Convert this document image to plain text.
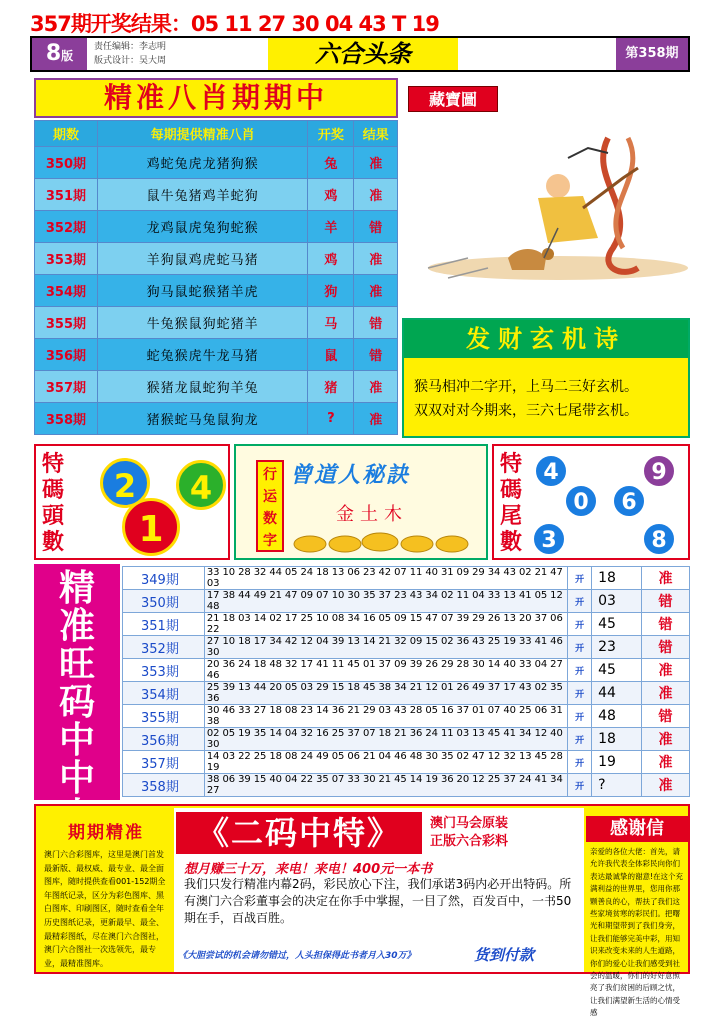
357期开奖结果：05 11 27 30 04 43 T 19
8版
责任编辑：李志明
版式设计：吴大周	六合头条	第358期
精准八肖期期中	藏寶圖
期数	每期提供精准八肖	开奖	结果
350期	鸡蛇兔虎龙猪狗猴	兔	准
351期	鼠牛兔猪鸡羊蛇狗	鸡	准
352期	龙鸡鼠虎兔狗蛇猴	羊	错
353期	羊狗鼠鸡虎蛇马猪	鸡	准
354期	狗马鼠蛇猴猪羊虎	狗	准
355期	牛兔猴鼠狗蛇猪羊	马	错
356期	蛇兔猴虎牛龙马猪	鼠	错
357期	猴猪龙鼠蛇狗羊兔	猪	准
358期	猪猴蛇马兔鼠狗龙	?	准
发财玄机诗
猴马相冲二字开，上马二三好玄机。
双双对对今期来，三六七尾带玄机。
特
碼
頭
數
2	4
1
行
运
数
字
曾道人秘訣
金土木
特
碼
尾
數
4	9
0	6
3	8
精
准
旺
码
中
中
349期	33 10 28 32 44 05 24 18 13 06 23 42 07 11 40 31 09 29 34 43 02 21 47 03	开	18	准
350期	17 38 44 49 21 47 09 07 10 30 35 37 23 43 34 02 11 04 33 13 41 05 12 48	开	03	错
351期	21 18 03 14 02 17 25 10 08 34 16 05 09 15 47 07 39 29 26 13 20 37 06 22	开	45	错
352期	27 10 18 17 34 42 12 04 39 13 14 21 32 09 15 02 36 43 25 19 33 41 46 30	开	23	错
353期	20 36 24 18 48 32 17 41 11 45 01 37 09 39 26 29 28 30 14 40 33 04 27 46	开	45	准
354期	25 39 13 44 20 05 03 29 15 18 45 38 34 21 12 01 26 49 37 17 43 02 35 36	开	44	准
355期	30 46 33 27 18 08 23 14 36 21 29 03 43 28 05 16 37 01 07 40 25 06 31 38	开	48	错
356期	02 05 19 35 14 04 32 16 25 37 07 18 21 36 24 11 03 13 45 41 34 12 40 30	开	18	准
357期	14 03 22 25 18 08 24 49 05 06 21 04 46 48 30 35 02 47 12 32 13 45 28 19	开	19	准
358期	38 06 39 15 40 04 22 35 07 33 30 21 45 14 19 36 20 12 25 37 24 41 34 27	开	?	准
期期精准
澳门六合彩图库，这里是澳门首发最新版、最权威、最专业、最全面图库，随时提供查看001-152期全年图纸记录，区分为彩色图库、黑白图库、印刷图区，随时查看全年历史图纸记录，更新最早、最全、最精彩图纸，尽在澳门六合图社，澳门六合图社一次选领先，最专业，最精准图库。
《二码中特》	澳门马会原装
正版六合彩料
想月赚三十万，来电！来电！400元一本书
我们只发行精准内幕2码，彩民放心下注，我们承诺3码内必开出特码。所有澳门六合彩董事会的决定在你手中掌握，一目了然，百发百中，一书50期在手，百战百胜。
《大胆尝试的机会请勿错过，人头担保得此书者月入30万》	货到付款
感谢信
亲爱的各位大佬：首先，请允许我代表全体彩民向你们表达最诚挚的谢意!在这个充满利益的世界里，您用你那颗善良的心，帮扶了我们这些家境贫寒的彩民们。把曙光和期望带到了我们身旁，让我们能够完美中彩，用知识来改变未来的人生道路，你们的爱心让我们感受到社会的温暖，你们的好好意照亮了我们贫困的后顾之忧，让我们满望新生活的心情受感
